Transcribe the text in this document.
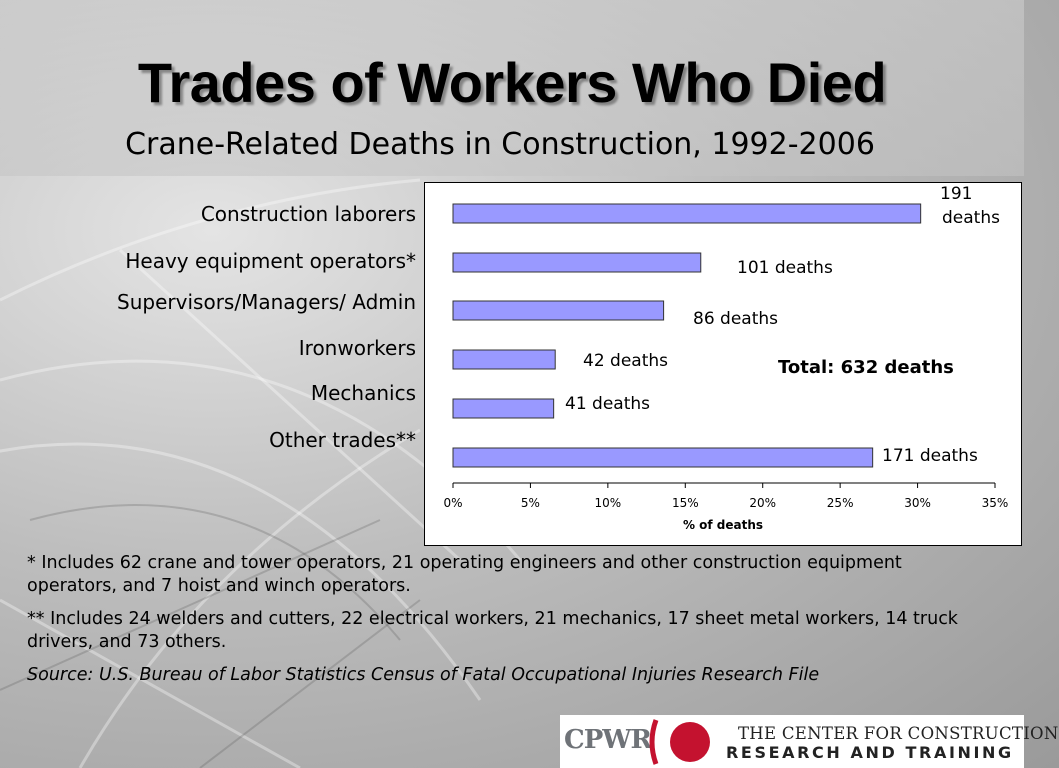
Trades of Workers Who Died
Crane-Related Deaths in Construction, 1992-2006
Construction laborers
Heavy equipment operators*
Supervisors/Managers/ Admin
Ironworkers
Mechanics
Other trades**
191 deaths
101 deaths
86 deaths
42 deaths
41 deaths
171 deaths
0%	5%	10%	15%	20%	25%	30%	35%
% of deaths
Total: 632 deaths

* Includes 62 crane and tower operators, 21 operating engineers and other construction equipment operators, and 7 hoist and winch operators.

** Includes 24 welders and cutters, 22 electrical workers, 21 mechanics, 17 sheet metal workers, 14 truck drivers, and 73 others.

Source: U.S. Bureau of Labor Statistics Census of Fatal Occupational Injuries Research File

CPWR	THE CENTER FOR CONSTRUCTION
RESEARCH AND TRAINING
